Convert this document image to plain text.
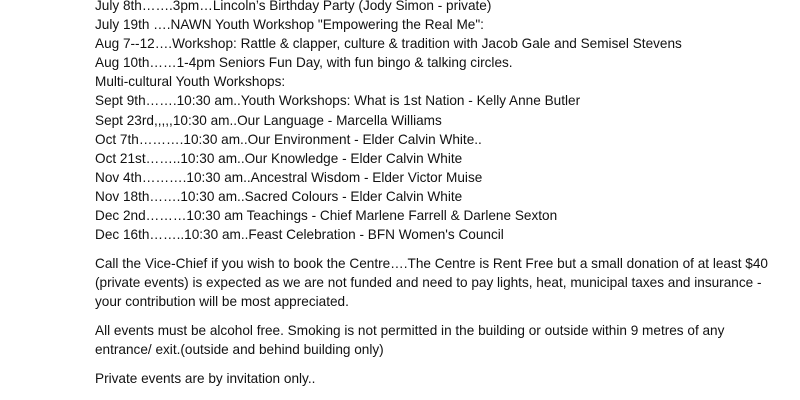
July 8th…….3pm…Lincoln’s Birthday Party (Jody Simon - private)
July 19th ….NAWN Youth Workshop "Empowering the Real Me":
Aug 7--12….Workshop: Rattle & clapper, culture & tradition with Jacob Gale and Semisel Stevens
Aug 10th……1-4pm Seniors Fun Day, with fun bingo & talking circles.
Multi-cultural Youth Workshops:
Sept 9th…….10:30 am..Youth Workshops: What is 1st Nation - Kelly Anne Butler
Sept 23rd,,,,,10:30 am..Our Language - Marcella Williams
Oct 7th……….10:30 am..Our Environment - Elder Calvin White..
Oct 21st……..10:30 am..Our Knowledge - Elder Calvin White
Nov 4th……….10:30 am..Ancestral Wisdom - Elder Victor Muise
Nov 18th…….10:30 am..Sacred Colours - Elder Calvin White
Dec 2nd………10:30 am Teachings - Chief Marlene Farrell & Darlene Sexton
Dec 16th……..10:30 am..Feast Celebration - BFN Women's Council

Call the Vice-Chief if you wish to book the Centre….The Centre is Rent Free but a small donation of at least $40 (private events) is expected as we are not funded and need to pay lights, heat, municipal taxes and insurance - your contribution will be most appreciated.

All events must be alcohol free. Smoking is not permitted in the building or outside within 9 metres of any entrance/ exit.(outside and behind building only)

Private events are by invitation only..
